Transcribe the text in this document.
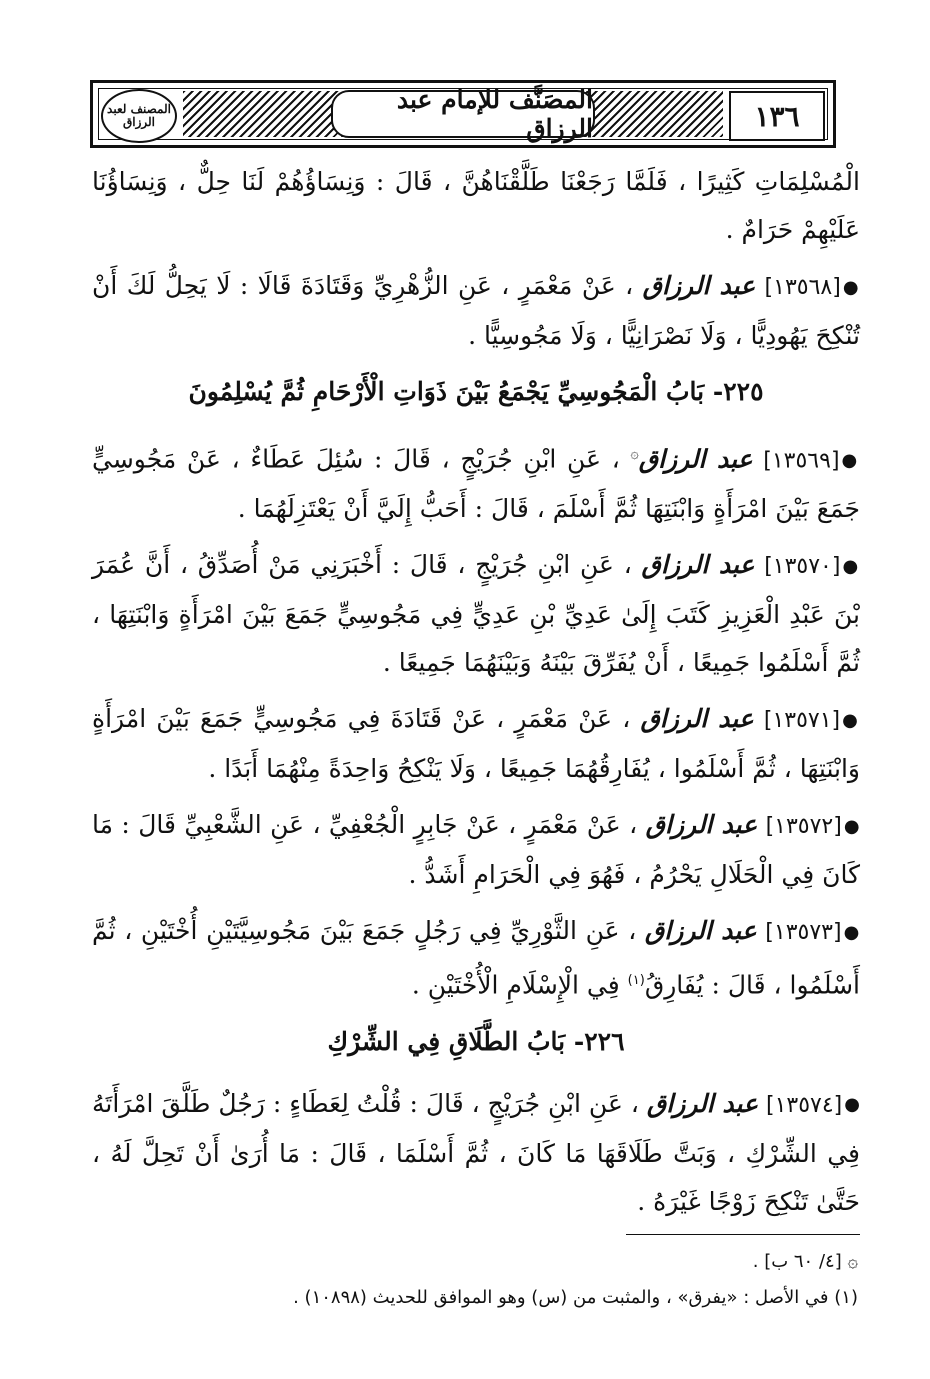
المصنف لعبد الرزاق
المصَنَّف للإمام عبد الرزاق	١٣٦

الْمُسْلِمَاتِ كَثِيرًا ، فَلَمَّا رَجَعْنَا طَلَّقْنَاهُنَّ ، قَالَ : وَنِسَاؤُهُمْ لَنَا حِلٌّ ، وَنِسَاؤُنَا عَلَيْهِمْ حَرَامٌ .

●[١٣٥٦٨] عبد الرزاق ، عَنْ مَعْمَرٍ ، عَنِ الزُّهْرِيِّ وَقَتَادَةَ قَالَا : لَا يَحِلُّ لَكَ أَنْ تُنْكِحَ يَهُودِيًّا ، وَلَا نَصْرَانِيًّا ، وَلَا مَجُوسِيًّا .

٢٢٥- بَابُ الْمَجُوسِيِّ يَجْمَعُ بَيْنَ ذَوَاتِ الْأَرْحَامِ ثُمَّ يُسْلِمُونَ

●[١٣٥٦٩] عبد الرزاق۞ ، عَنِ ابْنِ جُرَيْجٍ ، قَالَ : سُئِلَ عَطَاءٌ ، عَنْ مَجُوسِيٍّ جَمَعَ بَيْنَ امْرَأَةٍ وَابْنَتِهَا ثُمَّ أَسْلَمَ ، قَالَ : أَحَبُّ إِلَيَّ أَنْ يَعْتَزِلَهُمَا .

●[١٣٥٧٠] عبد الرزاق ، عَنِ ابْنِ جُرَيْجٍ ، قَالَ : أَخْبَرَنِي مَنْ أُصَدِّقُ ، أَنَّ عُمَرَ بْنَ عَبْدِ الْعَزِيزِ كَتَبَ إِلَىٰ عَدِيِّ بْنِ عَدِيٍّ فِي مَجُوسِيٍّ جَمَعَ بَيْنَ امْرَأَةٍ وَابْنَتِهَا ، ثُمَّ أَسْلَمُوا جَمِيعًا ، أَنْ يُفَرِّقَ بَيْنَهُ وَبَيْنَهُمَا جَمِيعًا .

●[١٣٥٧١] عبد الرزاق ، عَنْ مَعْمَرٍ ، عَنْ قَتَادَةَ فِي مَجُوسِيٍّ جَمَعَ بَيْنَ امْرَأَةٍ وَابْنَتِهَا ، ثُمَّ أَسْلَمُوا ، يُفَارِقُهُمَا جَمِيعًا ، وَلَا يَنْكِحُ وَاحِدَةً مِنْهُمَا أَبَدًا .

●[١٣٥٧٢] عبد الرزاق ، عَنْ مَعْمَرٍ ، عَنْ جَابِرٍ الْجُعْفِيِّ ، عَنِ الشَّعْبِيِّ قَالَ : مَا كَانَ فِي الْحَلَالِ يَحْرُمُ ، فَهُوَ فِي الْحَرَامِ أَشَدُّ .

●[١٣٥٧٣] عبد الرزاق ، عَنِ الثَّوْرِيِّ فِي رَجُلٍ جَمَعَ بَيْنَ مَجُوسِيَّتَيْنِ أُخْتَيْنِ ، ثُمَّ أَسْلَمُوا ، قَالَ : يُفَارِقُ$^{(١)}$ فِي الْإِسْلَامِ الْأُخْتَيْنِ .

٢٢٦- بَابُ الطَّلَاقِ فِي الشِّرْكِ

●[١٣٥٧٤] عبد الرزاق ، عَنِ ابْنِ جُرَيْجٍ ، قَالَ : قُلْتُ لِعَطَاءٍ : رَجُلٌ طَلَّقَ امْرَأَتَهُ فِي الشِّرْكِ ، وَبَتَّ طَلَاقَهَا مَا كَانَ ، ثُمَّ أَسْلَمَا ، قَالَ : مَا أُرَىٰ أَنْ تَحِلَّ لَهُ ، حَتَّىٰ تَنْكِحَ زَوْجًا غَيْرَهُ .

۞ [٤/ ٦٠ ب] .

(١) في الأصل : «يفرق» ، والمثبت من (س) وهو الموافق للحديث (١٠٨٩٨) .
